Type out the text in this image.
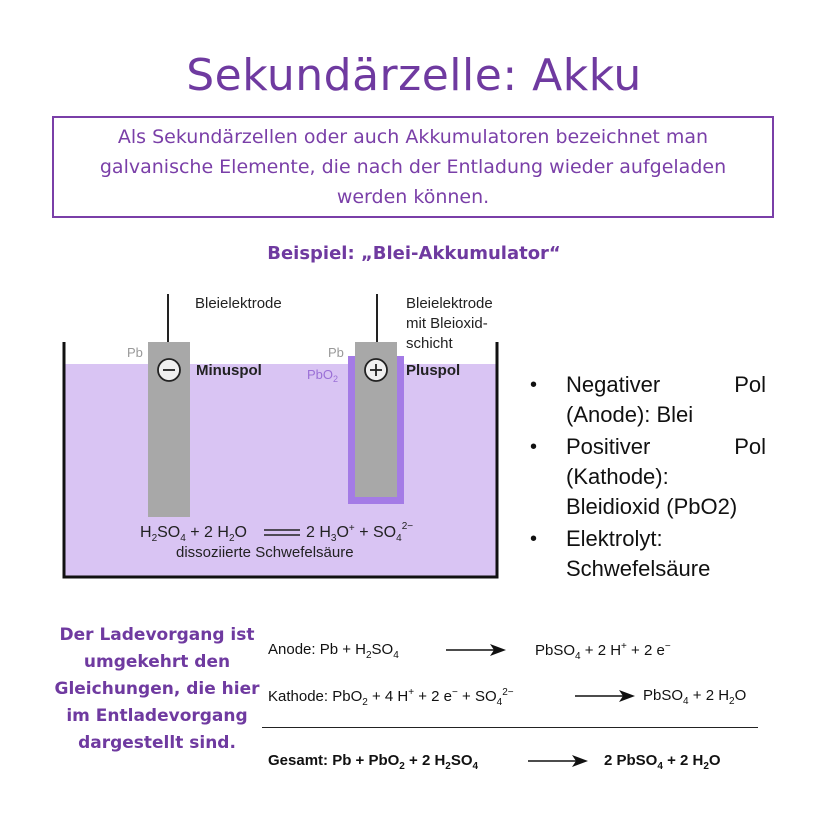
Sekundärzelle: Akku
Als Sekundärzellen oder auch Akkumulatoren bezeichnet man galvanische Elemente, die nach der Entladung wieder aufgeladen werden können.
Beispiel: „Blei-Akkumulator“
Bleielektrode	Bleielektrode
mit Bleioxid-
schicht
Pb	Pb
PbO$_2$
Minuspol	Pluspol
$H_2SO_4 + 2$ $H_2O$	2 $H_3O^+ + SO_4^{2-}$
dissoziierte Schwefelsäure
• Negativer Pol
(Anode): Blei
• Positiver Pol
(Kathode):
Bleidioxid (PbO2)
• Elektrolyt:
Schwefelsäure
Der Ladevorgang ist umgekehrt den Gleichungen, die hier im Entladevorgang dargestellt sind.
Anode: $Pb + H_2SO_4$	PbSO$_4$ + 2 H+ + 2 e−
Kathode: PbO$_2$ + 4 H+ + 2 $e^- + SO_4^{2-}$	PbSO$_4$ + 2 $H_2O$
Gesamt: Pb + PbO$_2$ + 2 $H_2SO_4$	2 PbSO$_4$ + 2 $H_2O$
